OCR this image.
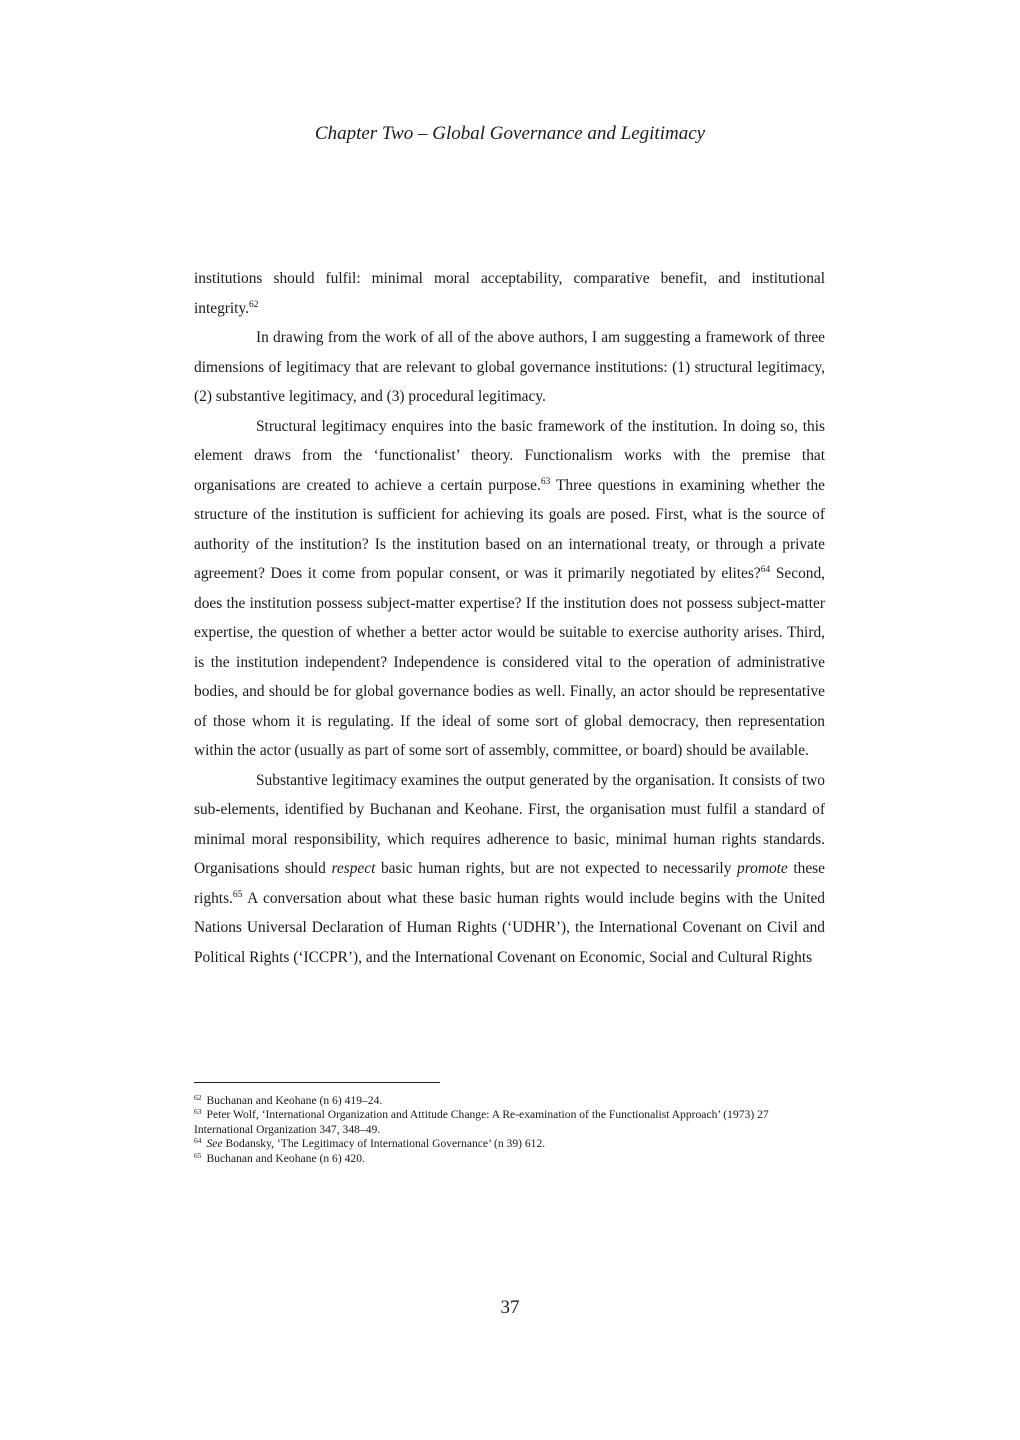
Chapter Two – Global Governance and Legitimacy

institutions should fulfil: minimal moral acceptability, comparative benefit, and institutional integrity.$^{62}$

In drawing from the work of all of the above authors, I am suggesting a framework of three dimensions of legitimacy that are relevant to global governance institutions: (1) structural legitimacy, (2) substantive legitimacy, and (3) procedural legitimacy.

Structural legitimacy enquires into the basic framework of the institution. In doing so, this element draws from the ‘functionalist’ theory. Functionalism works with the premise that organisations are created to achieve a certain purpose.$^{63}$ Three questions in examining whether the structure of the institution is sufficient for achieving its goals are posed. First, what is the source of authority of the institution? Is the institution based on an international treaty, or through a private agreement? Does it come from popular consent, or was it primarily negotiated by elites?$^{64}$ Second, does the institution possess subject-matter expertise? If the institution does not possess subject-matter expertise, the question of whether a better actor would be suitable to exercise authority arises. Third, is the institution independent? Independence is considered vital to the operation of administrative bodies, and should be for global governance bodies as well. Finally, an actor should be representative of those whom it is regulating. If the ideal of some sort of global democracy, then representation within the actor (usually as part of some sort of assembly, committee, or board) should be available.

Substantive legitimacy examines the output generated by the organisation. It consists of two sub-elements, identified by Buchanan and Keohane. First, the organisation must fulfil a standard of minimal moral responsibility, which requires adherence to basic, minimal human rights standards. Organisations should respect basic human rights, but are not expected to necessarily promote these rights.$^{65}$ A conversation about what these basic human rights would include begins with the United Nations Universal Declaration of Human Rights (‘UDHR’), the International Covenant on Civil and Political Rights (‘ICCPR’), and the International Covenant on Economic, Social and Cultural Rights

$^{62}$ Buchanan and Keohane (n 6) 419–24.

$^{63}$ Peter Wolf, ‘International Organization and Attitude Change: A Re-examination of the Functionalist Approach’ (1973) 27 International Organization 347, 348–49.

$^{64}$ See Bodansky, ‘The Legitimacy of International Governance’ (n 39) 612.

$^{65}$ Buchanan and Keohane (n 6) 420.

37
